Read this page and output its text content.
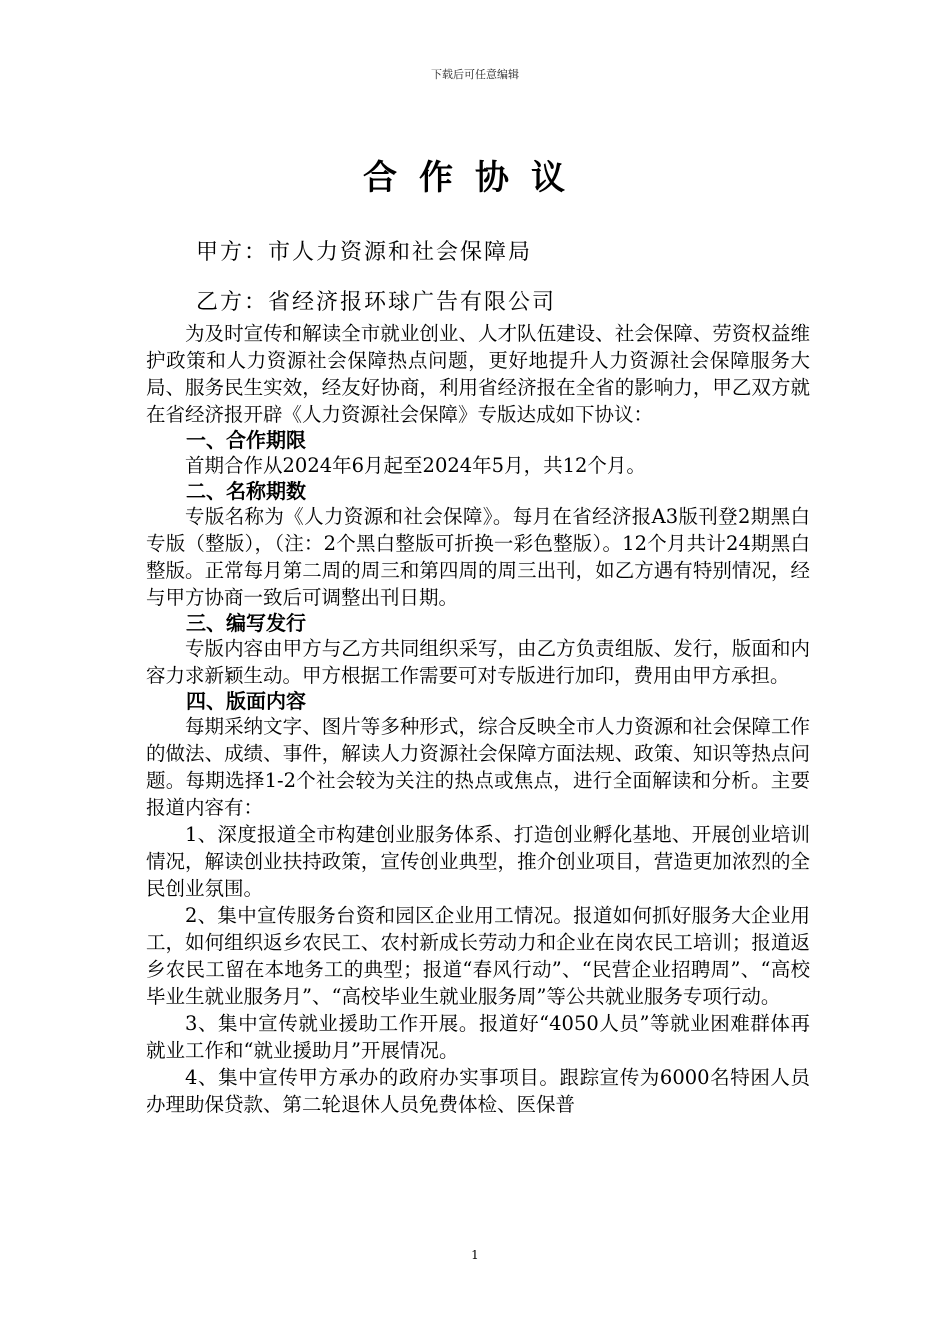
下载后可任意编辑
合作协议
甲方：市人力资源和社会保障局
乙方：省经济报环球广告有限公司

为及时宣传和解读全市就业创业、人才队伍建设、社会保障、劳资权益维护政策和人力资源社会保障热点问题，更好地提升人力资源社会保障服务大局、服务民生实效，经友好协商，利用省经济报在全省的影响力，甲乙双方就在省经济报开辟《人力资源社会保障》专版达成如下协议：

一、合作期限

首期合作从2024年6月起至2024年5月，共12个月。

二、名称期数

专版名称为《人力资源和社会保障》。每月在省经济报A3版刊登2期黑白专版（整版），（注：2个黑白整版可折换一彩色整版）。12个月共计24期黑白整版。正常每月第二周的周三和第四周的周三出刊，如乙方遇有特别情况，经与甲方协商一致后可调整出刊日期。

三、编写发行

专版内容由甲方与乙方共同组织采写，由乙方负责组版、发行，版面和内容力求新颖生动。甲方根据工作需要可对专版进行加印，费用由甲方承担。

四、版面内容

每期采纳文字、图片等多种形式，综合反映全市人力资源和社会保障工作的做法、成绩、事件，解读人力资源社会保障方面法规、政策、知识等热点问题。每期选择1-2个社会较为关注的热点或焦点，进行全面解读和分析。主要报道内容有：

1、深度报道全市构建创业服务体系、打造创业孵化基地、开展创业培训情况，解读创业扶持政策，宣传创业典型，推介创业项目，营造更加浓烈的全民创业氛围。

2、集中宣传服务台资和园区企业用工情况。报道如何抓好服务大企业用工，如何组织返乡农民工、农村新成长劳动力和企业在岗农民工培训；报道返乡农民工留在本地务工的典型；报道“春风行动”、“民营企业招聘周”、“高校毕业生就业服务月”、“高校毕业生就业服务周”等公共就业服务专项行动。

3、集中宣传就业援助工作开展。报道好“4050人员”等就业困难群体再就业工作和“就业援助月”开展情况。

4、集中宣传甲方承办的政府办实事项目。跟踪宣传为6000名特困人员办理助保贷款、第二轮退休人员免费体检、医保普

1
